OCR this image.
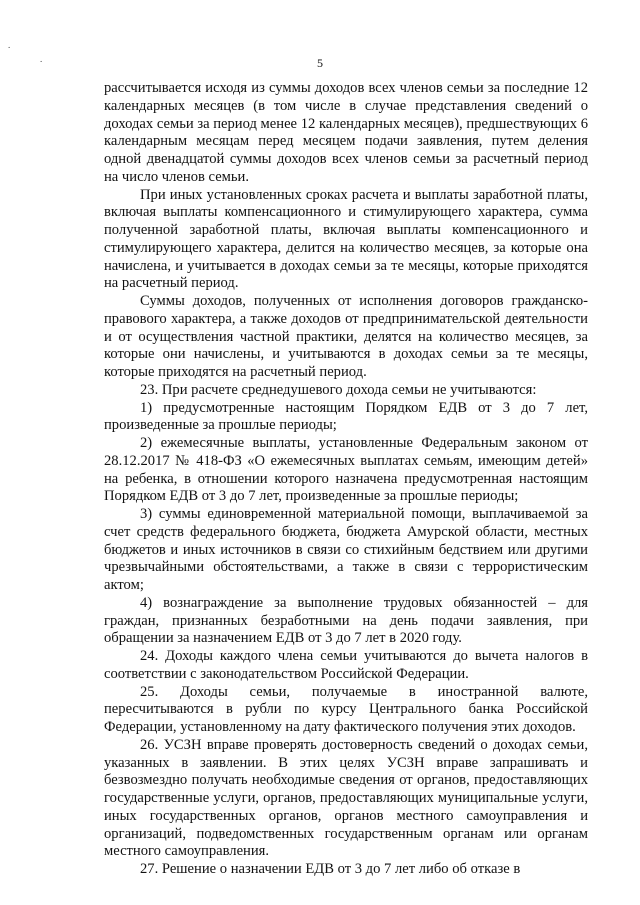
.
.	5

рассчитывается исходя из суммы доходов всех членов семьи за последние 12 календарных месяцев (в том числе в случае представления сведений о доходах семьи за период менее 12 календарных месяцев), предшествующих 6 календарным месяцам перед месяцем подачи заявления, путем деления одной двенадцатой суммы доходов всех членов семьи за расчетный период на число членов семьи.

При иных установленных сроках расчета и выплаты заработной платы, включая выплаты компенсационного и стимулирующего характера, сумма полученной заработной платы, включая выплаты компенсационного и стимулирующего характера, делится на количество месяцев, за которые она начислена, и учитывается в доходах семьи за те месяцы, которые приходятся на расчетный период.

Суммы доходов, полученных от исполнения договоров гражданско-правового характера, а также доходов от предпринимательской деятельности и от осуществления частной практики, делятся на количество месяцев, за которые они начислены, и учитываются в доходах семьи за те месяцы, которые приходятся на расчетный период.

23. При расчете среднедушевого дохода семьи не учитываются:

1) предусмотренные настоящим Порядком ЕДВ от 3 до 7 лет, произведенные за прошлые периоды;

2) ежемесячные выплаты, установленные Федеральным законом от 28.12.2017 № 418-ФЗ «О ежемесячных выплатах семьям, имеющим детей» на ребенка, в отношении которого назначена предусмотренная настоящим Порядком ЕДВ от 3 до 7 лет, произведенные за прошлые периоды;

3) суммы единовременной материальной помощи, выплачиваемой за счет средств федерального бюджета, бюджета Амурской области, местных бюджетов и иных источников в связи со стихийным бедствием или другими чрезвычайными обстоятельствами, а также в связи с террористическим актом;

4) вознаграждение за выполнение трудовых обязанностей – для граждан, признанных безработными на день подачи заявления, при обращении за назначением ЕДВ от 3 до 7 лет в 2020 году.

24. Доходы каждого члена семьи учитываются до вычета налогов в соответствии с законодательством Российской Федерации.

25. Доходы семьи, получаемые в иностранной валюте, пересчитываются в рубли по курсу Центрального банка Российской Федерации, установленному на дату фактического получения этих доходов.

26. УСЗН вправе проверять достоверность сведений о доходах семьи, указанных в заявлении. В этих целях УСЗН вправе запрашивать и безвозмездно получать необходимые сведения от органов, предоставляющих государственные услуги, органов, предоставляющих муниципальные услуги, иных государственных органов, органов местного самоуправления и организаций, подведомственных государственным органам или органам местного самоуправления.

27. Решение о назначении ЕДВ от 3 до 7 лет либо об отказе в
